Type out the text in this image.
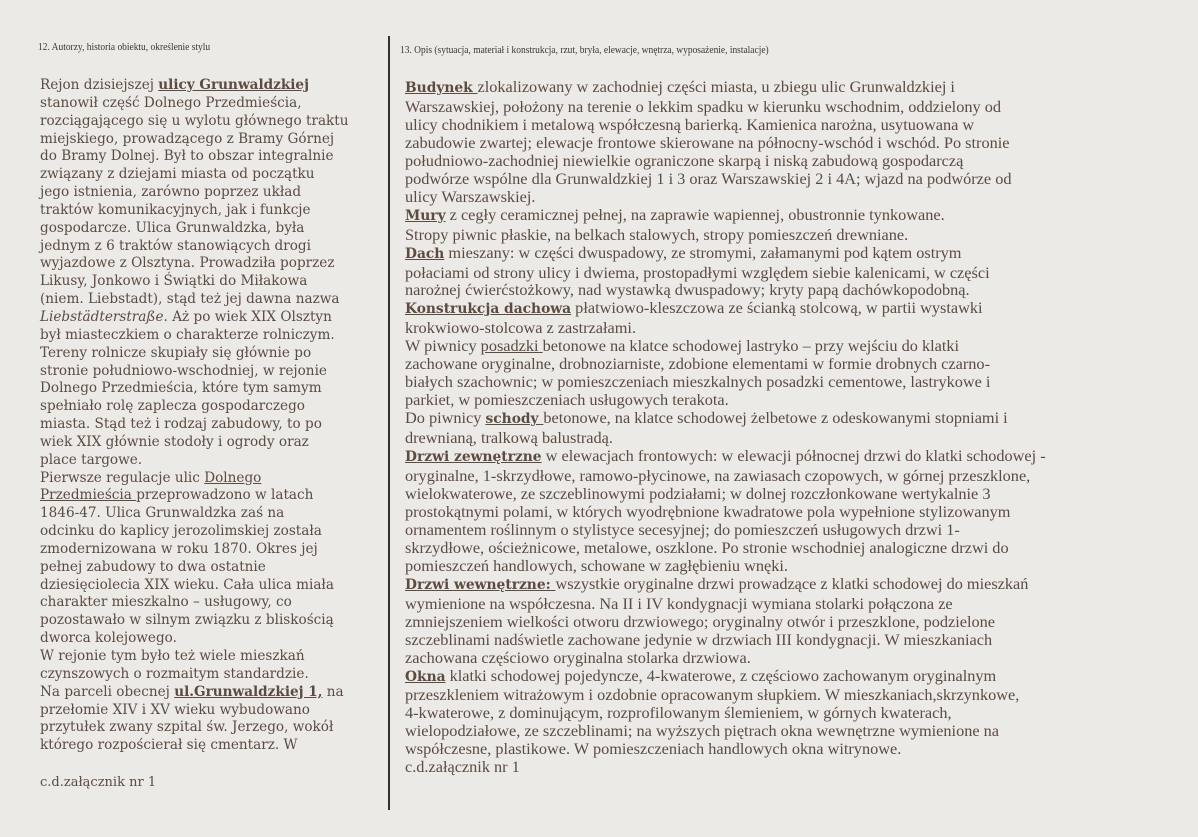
12. Autorzy, historia obiektu, określenie stylu	13. Opis (sytuacja, materiał i konstrukcja, rzut, bryła, elewacje, wnętrza, wyposażenie, instalacje)
Rejon dzisiejszej ulicy Grunwaldzkiej
stanowił część Dolnego Przedmieścia,
rozciągającego się u wylotu głównego traktu
miejskiego, prowadzącego z Bramy Górnej
do Bramy Dolnej. Był to obszar integralnie
związany z dziejami miasta od początku
jego istnienia, zarówno poprzez układ
traktów komunikacyjnych, jak i funkcje
gospodarcze. Ulica Grunwaldzka, była
jednym z 6 traktów stanowiących drogi
wyjazdowe z Olsztyna. Prowadziła poprzez
Likusy, Jonkowo i Świątki do Miłakowa
(niem. Liebstadt), stąd też jej dawna nazwa
Liebstädterstraße. Aż po wiek XIX Olsztyn
był miasteczkiem o charakterze rolniczym.
Tereny rolnicze skupiały się głównie po
stronie południowo-wschodniej, w rejonie
Dolnego Przedmieścia, które tym samym
spełniało rolę zaplecza gospodarczego
miasta. Stąd też i rodzaj zabudowy, to po
wiek XIX głównie stodoły i ogrody oraz
place targowe.
Pierwsze regulacje ulic Dolnego
Przedmieścia przeprowadzono w latach
1846-47. Ulica Grunwaldzka zaś na
odcinku do kaplicy jerozolimskiej została
zmodernizowana w roku 1870. Okres jej
pełnej zabudowy to dwa ostatnie
dziesięciolecia XIX wieku. Cała ulica miała
charakter mieszkalno – usługowy, co
pozostawało w silnym związku z bliskością
dworca kolejowego.
W rejonie tym było też wiele mieszkań
czynszowych o rozmaitym standardzie.
Na parceli obecnej ul.Grunwaldzkiej 1, na
przełomie XIV i XV wieku wybudowano
przytułek zwany szpital św. Jerzego, wokół
którego rozpościerał się cmentarz. W
Budynek zlokalizowany w zachodniej części miasta, u zbiegu ulic Grunwaldzkiej i
Warszawskiej, położony na terenie o lekkim spadku w kierunku wschodnim, oddzielony od
ulicy chodnikiem i metalową współczesną barierką. Kamienica narożna, usytuowana w
zabudowie zwartej; elewacje frontowe skierowane na północny-wschód i wschód. Po stronie
południowo-zachodniej niewielkie ograniczone skarpą i niską zabudową gospodarczą
podwórze wspólne dla Grunwaldzkiej 1 i 3 oraz Warszawskiej 2 i 4A; wjazd na podwórze od
ulicy Warszawskiej.
Mury z cegły ceramicznej pełnej, na zaprawie wapiennej, obustronnie tynkowane.
Stropy piwnic płaskie, na belkach stalowych, stropy pomieszczeń drewniane.
Dach mieszany: w części dwuspadowy, ze stromymi, załamanymi pod kątem ostrym
połaciami od strony ulicy i dwiema, prostopadłymi względem siebie kalenicami, w części
narożnej ćwierćstożkowy, nad wystawką dwuspadowy; kryty papą dachówkopodobną.
Konstrukcja dachowa płatwiowo-kleszczowa ze ścianką stolcową, w partii wystawki
krokwiowo-stolcowa z zastrzałami.
W piwnicy posadzki betonowe na klatce schodowej lastryko – przy wejściu do klatki
zachowane oryginalne, drobnoziarniste, zdobione elementami w formie drobnych czarno-
białych szachownic; w pomieszczeniach mieszkalnych posadzki cementowe, lastrykowe i
parkiet, w pomieszczeniach usługowych terakota.
Do piwnicy schody betonowe, na klatce schodowej żelbetowe z odeskowanymi stopniami i
drewnianą, tralkową balustradą.
Drzwi zewnętrzne w elewacjach frontowych: w elewacji północnej drzwi do klatki schodowej -
oryginalne, 1-skrzydłowe, ramowo-płycinowe, na zawiasach czopowych, w górnej przeszklone,
wielokwaterowe, ze szczeblinowymi podziałami; w dolnej rozczłonkowane wertykalnie 3
prostokątnymi polami, w których wyodrębnione kwadratowe pola wypełnione stylizowanym
ornamentem roślinnym o stylistyce secesyjnej; do pomieszczeń usługowych drzwi 1-
skrzydłowe, ościeżnicowe, metalowe, oszklone. Po stronie wschodniej analogiczne drzwi do
pomieszczeń handlowych, schowane w zagłębieniu wnęki.
Drzwi wewnętrzne: wszystkie oryginalne drzwi prowadzące z klatki schodowej do mieszkań
wymienione na współczesna. Na II i IV kondygnacji wymiana stolarki połączona ze
zmniejszeniem wielkości otworu drzwiowego; oryginalny otwór i przeszklone, podzielone
szczeblinami nadświetle zachowane jedynie w drzwiach III kondygnacji. W mieszkaniach
zachowana częściowo oryginalna stolarka drzwiowa.
Okna klatki schodowej pojedyncze, 4-kwaterowe, z częściowo zachowanym oryginalnym
przeszkleniem witrażowym i ozdobnie opracowanym słupkiem. W mieszkaniach,skrzynkowe,
4-kwaterowe, z dominującym, rozprofilowanym ślemieniem, w górnych kwaterach,
wielopodziałowe, ze szczeblinami; na wyższych piętrach okna wewnętrzne wymienione na
współczesne, plastikowe. W pomieszczeniach handlowych okna witrynowe.
c.d.załącznik nr 1
c.d.załącznik nr 1
